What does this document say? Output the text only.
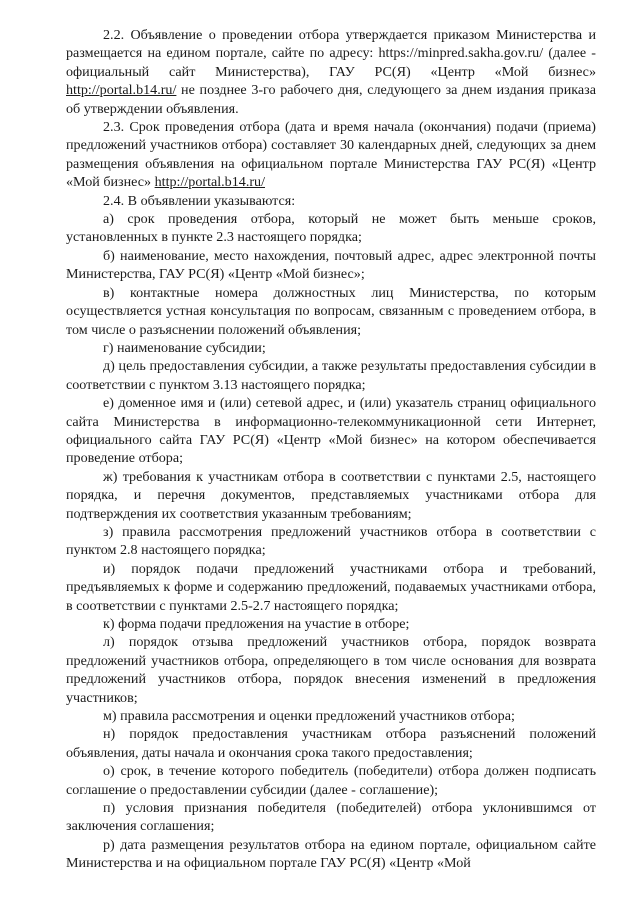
2.2. Объявление о проведении отбора утверждается приказом Министерства и размещается на едином портале, сайте по адресу: https://minpred.sakha.gov.ru/ (далее - официальный сайт Министерства), ГАУ РС(Я) «Центр «Мой бизнес» http://portal.b14.ru/ не позднее 3-го рабочего дня, следующего за днем издания приказа об утверждении объявления.

2.3. Срок проведения отбора (дата и время начала (окончания) подачи (приема) предложений участников отбора) составляет 30 календарных дней, следующих за днем размещения объявления на официальном портале Министерства ГАУ РС(Я) «Центр «Мой бизнес» http://portal.b14.ru/

2.4. В объявлении указываются:

а) срок проведения отбора, который не может быть меньше сроков, установленных в пункте 2.3 настоящего порядка;

б) наименование, место нахождения, почтовый адрес, адрес электронной почты Министерства, ГАУ РС(Я) «Центр «Мой бизнес»;

в) контактные номера должностных лиц Министерства, по которым осуществляется устная консультация по вопросам, связанным с проведением отбора, в том числе о разъяснении положений объявления;

г) наименование субсидии;

д) цель предоставления субсидии, а также результаты предоставления субсидии в соответствии с пунктом 3.13 настоящего порядка;

е) доменное имя и (или) сетевой адрес, и (или) указатель страниц официального сайта Министерства в информационно-телекоммуникационной сети Интернет, официального сайта ГАУ РС(Я) «Центр «Мой бизнес» на котором обеспечивается проведение отбора;

ж) требования к участникам отбора в соответствии с пунктами 2.5, настоящего порядка, и перечня документов, представляемых участниками отбора для подтверждения их соответствия указанным требованиям;

з) правила рассмотрения предложений участников отбора в соответствии с пунктом 2.8 настоящего порядка;

и) порядок подачи предложений участниками отбора и требований, предъявляемых к форме и содержанию предложений, подаваемых участниками отбора, в соответствии с пунктами 2.5-2.7 настоящего порядка;

к) форма подачи предложения на участие в отборе;

л) порядок отзыва предложений участников отбора, порядок возврата предложений участников отбора, определяющего в том числе основания для возврата предложений участников отбора, порядок внесения изменений в предложения участников;

м) правила рассмотрения и оценки предложений участников отбора;

н) порядок предоставления участникам отбора разъяснений положений объявления, даты начала и окончания срока такого предоставления;

о) срок, в течение которого победитель (победители) отбора должен подписать соглашение о предоставлении субсидии (далее - соглашение);

п) условия признания победителя (победителей) отбора уклонившимся от заключения соглашения;

р) дата размещения результатов отбора на едином портале, официальном сайте Министерства и на официальном портале ГАУ РС(Я) «Центр «Мой
